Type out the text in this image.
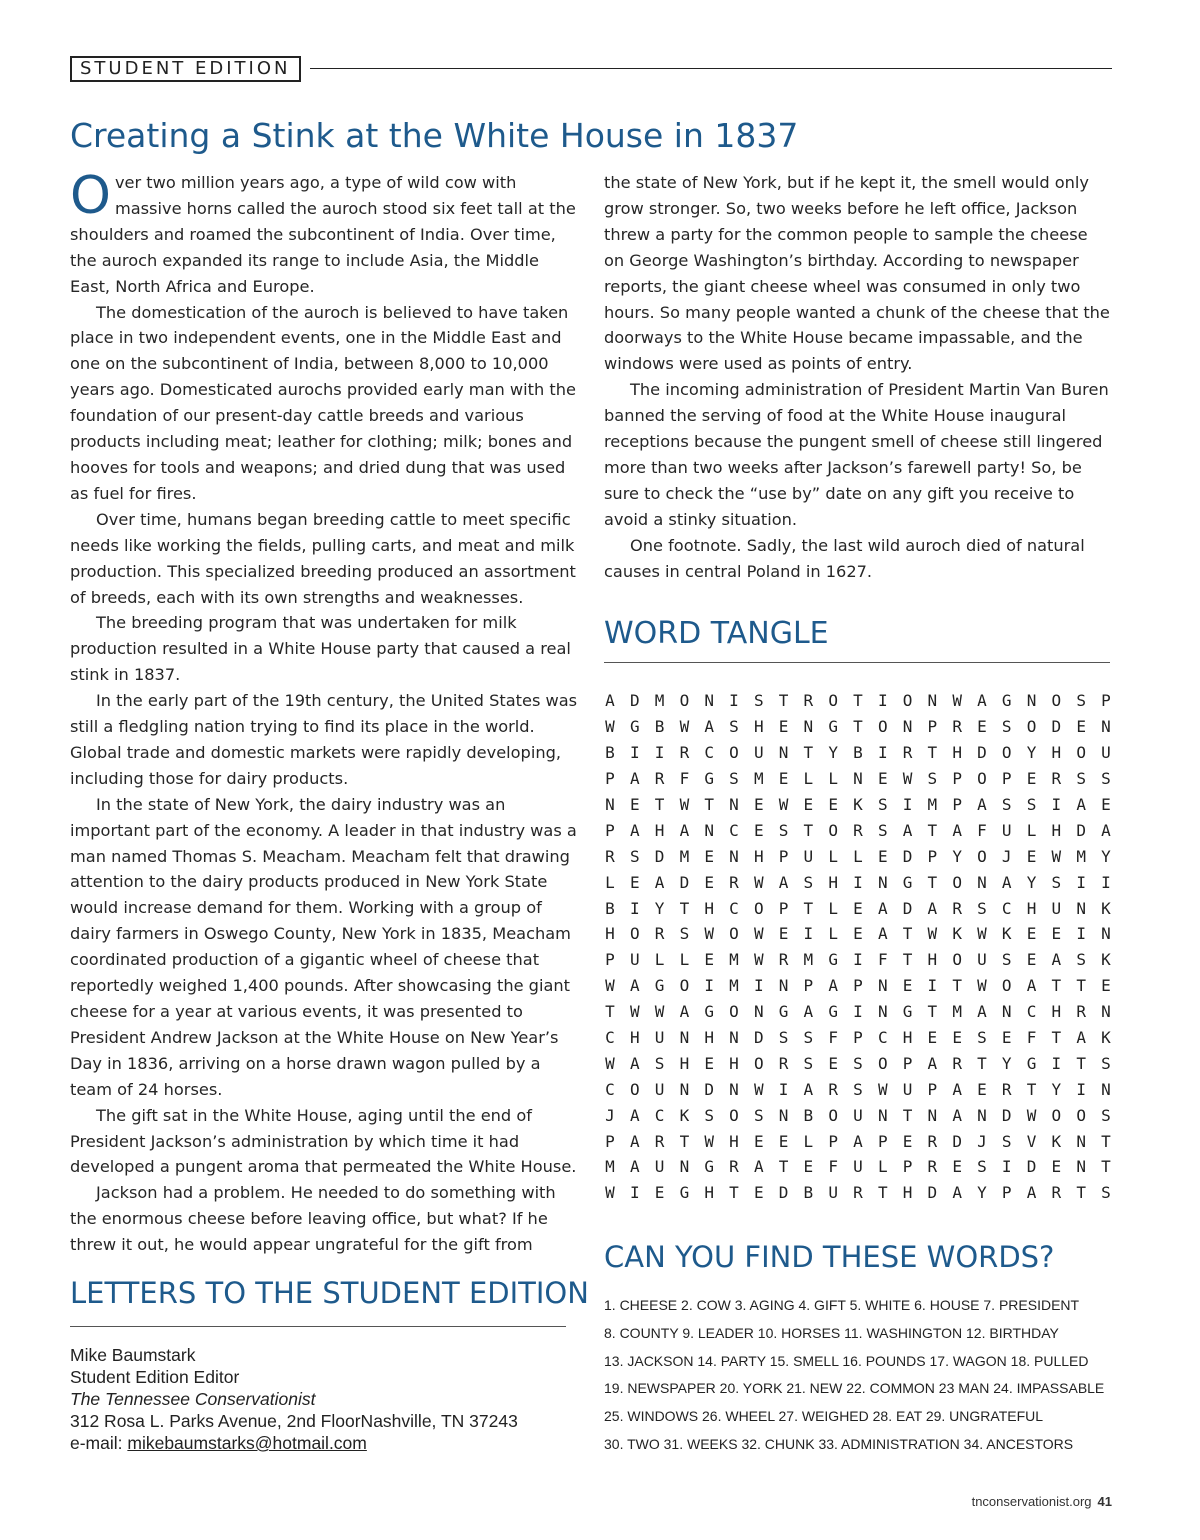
STUDENT EDITION
Creating a Stink at the White House in 1837

Over two million years ago, a type of wild cow with massive horns called the auroch stood six feet tall at the shoulders and roamed the subcontinent of India. Over time, the auroch expanded its range to include Asia, the Middle East, North Africa and Europe.

The domestication of the auroch is believed to have taken place in two independent events, one in the Middle East and one on the subcontinent of India, between 8,000 to 10,000 years ago. Domesticated aurochs provided early man with the foundation of our present-day cattle breeds and various products including meat; leather for clothing; milk; bones and hooves for tools and weapons; and dried dung that was used as fuel for fires.

Over time, humans began breeding cattle to meet specific needs like working the fields, pulling carts, and meat and milk production. This specialized breeding produced an assortment of breeds, each with its own strengths and weaknesses.

The breeding program that was undertaken for milk production resulted in a White House party that caused a real stink in 1837.

In the early part of the 19th century, the United States was still a fledgling nation trying to find its place in the world. Global trade and domestic markets were rapidly developing, including those for dairy products.

In the state of New York, the dairy industry was an important part of the economy. A leader in that industry was a man named Thomas S. Meacham. Meacham felt that drawing attention to the dairy products produced in New York State would increase demand for them. Working with a group of dairy farmers in Oswego County, New York in 1835, Meacham coordinated production of a gigantic wheel of cheese that reportedly weighed 1,400 pounds. After showcasing the giant cheese for a year at various events, it was presented to President Andrew Jackson at the White House on New Year’s Day in 1836, arriving on a horse drawn wagon pulled by a team of 24 horses.

The gift sat in the White House, aging until the end of President Jackson’s administration by which time it had developed a pungent aroma that permeated the White House.

Jackson had a problem. He needed to do something with the enormous cheese before leaving office, but what? If he threw it out, he would appear ungrateful for the gift from

the state of New York, but if he kept it, the smell would only grow stronger. So, two weeks before he left office, Jackson threw a party for the common people to sample the cheese on George Washington’s birthday. According to newspaper reports, the giant cheese wheel was consumed in only two hours. So many people wanted a chunk of the cheese that the doorways to the White House became impassable, and the windows were used as points of entry.

The incoming administration of President Martin Van Buren banned the serving of food at the White House inaugural receptions because the pungent smell of cheese still lingered more than two weeks after Jackson’s farewell party! So, be sure to check the “use by” date on any gift you receive to avoid a stinky situation.

One footnote. Sadly, the last wild auroch died of natural causes in central Poland in 1627.

LETTERS TO THE STUDENT EDITION
Mike Baumstark
Student Edition Editor
The Tennessee Conservationist
312 Rosa L. Parks Avenue, 2nd FloorNashville, TN 37243
e-mail: mikebaumstarks@hotmail.com
WORD TANGLE
A D M O N I S T R O T I O N W A G N O S P
W G B W A S H E N G T O N P R E S O D E N
B I I R C O U N T Y B I R T H D O Y H O U
P A R F G S M E L L N E W S P O P E R S S
N E T W T N E W E E K S I M P A S S I A E
P A H A N C E S T O R S A T A F U L H D A
R S D M E N H P U L L E D P Y O J E W M Y
L E A D E R W A S H I N G T O N A Y S I I
B I Y T H C O P T L E A D A R S C H U N K
H O R S W O W E I L E A T W K W K E E I N
P U L L E M W R M G I F T H O U S E A S K
W A G O I M I N P A P N E I T W O A T T E
T W W A G O N G A G I N G T M A N C H R N
C H U N H N D S S F P C H E E S E F T A K
W A S H E H O R S E S O P A R T Y G I T S
C O U N D N W I A R S W U P A E R T Y I N
J A C K S O S N B O U N T N A N D W O O S
P A R T W H E E L P A P E R D J S V K N T
M A U N G R A T E F U L P R E S I D E N T
W I E G H T E D B U R T H D A Y P A R T S
CAN YOU FIND THESE WORDS?
1. CHEESE 2. COW 3. AGING 4. GIFT 5. WHITE 6. HOUSE 7. PRESIDENT
8. COUNTY 9. LEADER 10. HORSES 11. WASHINGTON 12. BIRTHDAY
13. JACKSON 14. PARTY 15. SMELL 16. POUNDS 17. WAGON 18. PULLED
19. NEWSPAPER 20. YORK 21. NEW 22. COMMON 23 MAN 24. IMPASSABLE
25. WINDOWS 26. WHEEL 27. WEIGHED 28. EAT 29. UNGRATEFUL
30. TWO 31. WEEKS 32. CHUNK 33. ADMINISTRATION 34. ANCESTORS
tnconservationist.org 41
